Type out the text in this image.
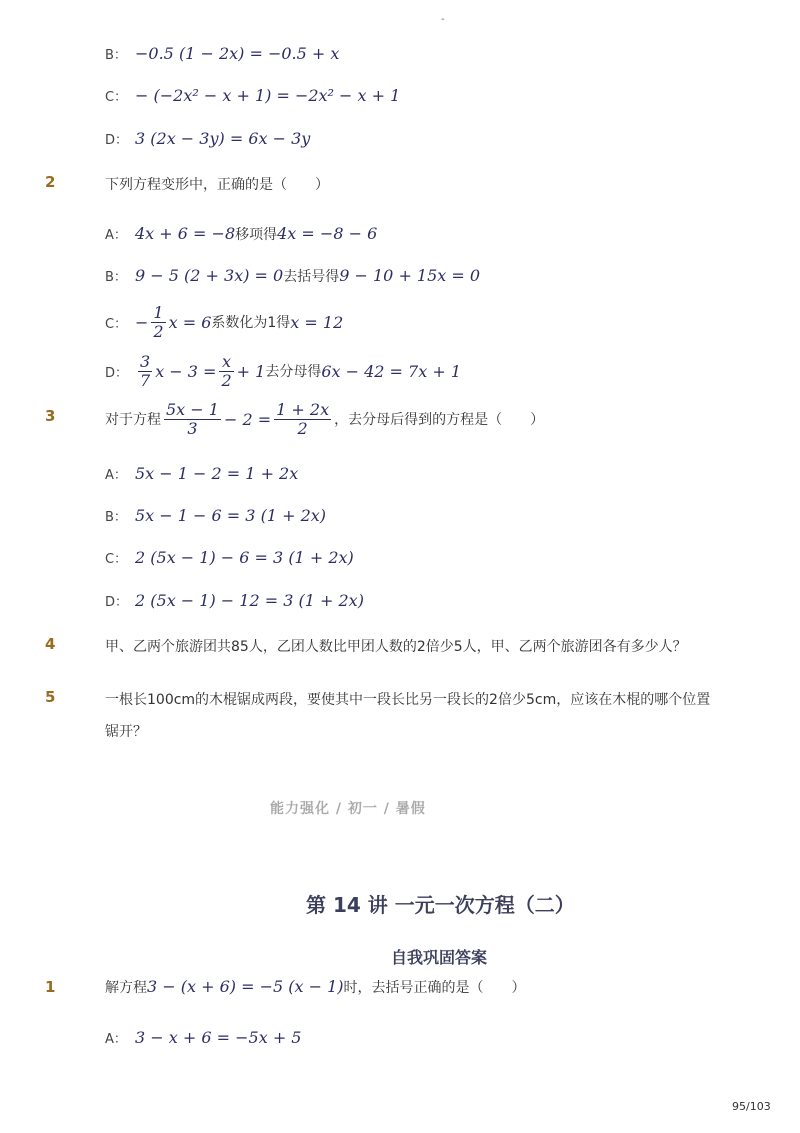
-
B： −0.5 (1 − 2x) = −0.5 + x
C： − (−2x² − x + 1) = −2x² − x + 1
D： 3 (2x − 3y) = 6x − 3y
2	下列方程变形中，正确的是（　　）
A： 4x + 6 = −8移项得4x = −8 − 6
B： 9 − 5 (2 + 3x) = 0去括号得9 − 10 + 15x = 0
C： − $\frac{1}{2}$ x = 6 系数化为1得 x = 12
D： $\frac{3}{7}$ $x - 3 = \frac{x}{2} + 1$ 去分母得 6x − 42 = 7x + 1
3	对于方程 $\frac{5x - 1}{3} - 2 = \frac{1 + 2x}{2}$ ，去分母后得到的方程是（　　）
A： 5x − 1 − 2 = 1 + 2x
B： 5x − 1 − 6 = 3 (1 + 2x)
C： 2 (5x − 1) − 6 = 3 (1 + 2x)
D： 2 (5x − 1) − 12 = 3 (1 + 2x)
4	甲、乙两个旅游团共85人，乙团人数比甲团人数的2倍少5人，甲、乙两个旅游团各有多少人？
5	一根长100cm的木棍锯成两段，要使其中一段长比另一段长的2倍少5cm，应该在木棍的哪个位置
锯开？
能力强化 / 初一 / 暑假
第 14 讲 一元一次方程（二）
自我巩固答案
1	解方程3 − (x + 6) = −5 (x − 1)时，去括号正确的是（　　）
A： 3 − x + 6 = −5x + 5
95/103
